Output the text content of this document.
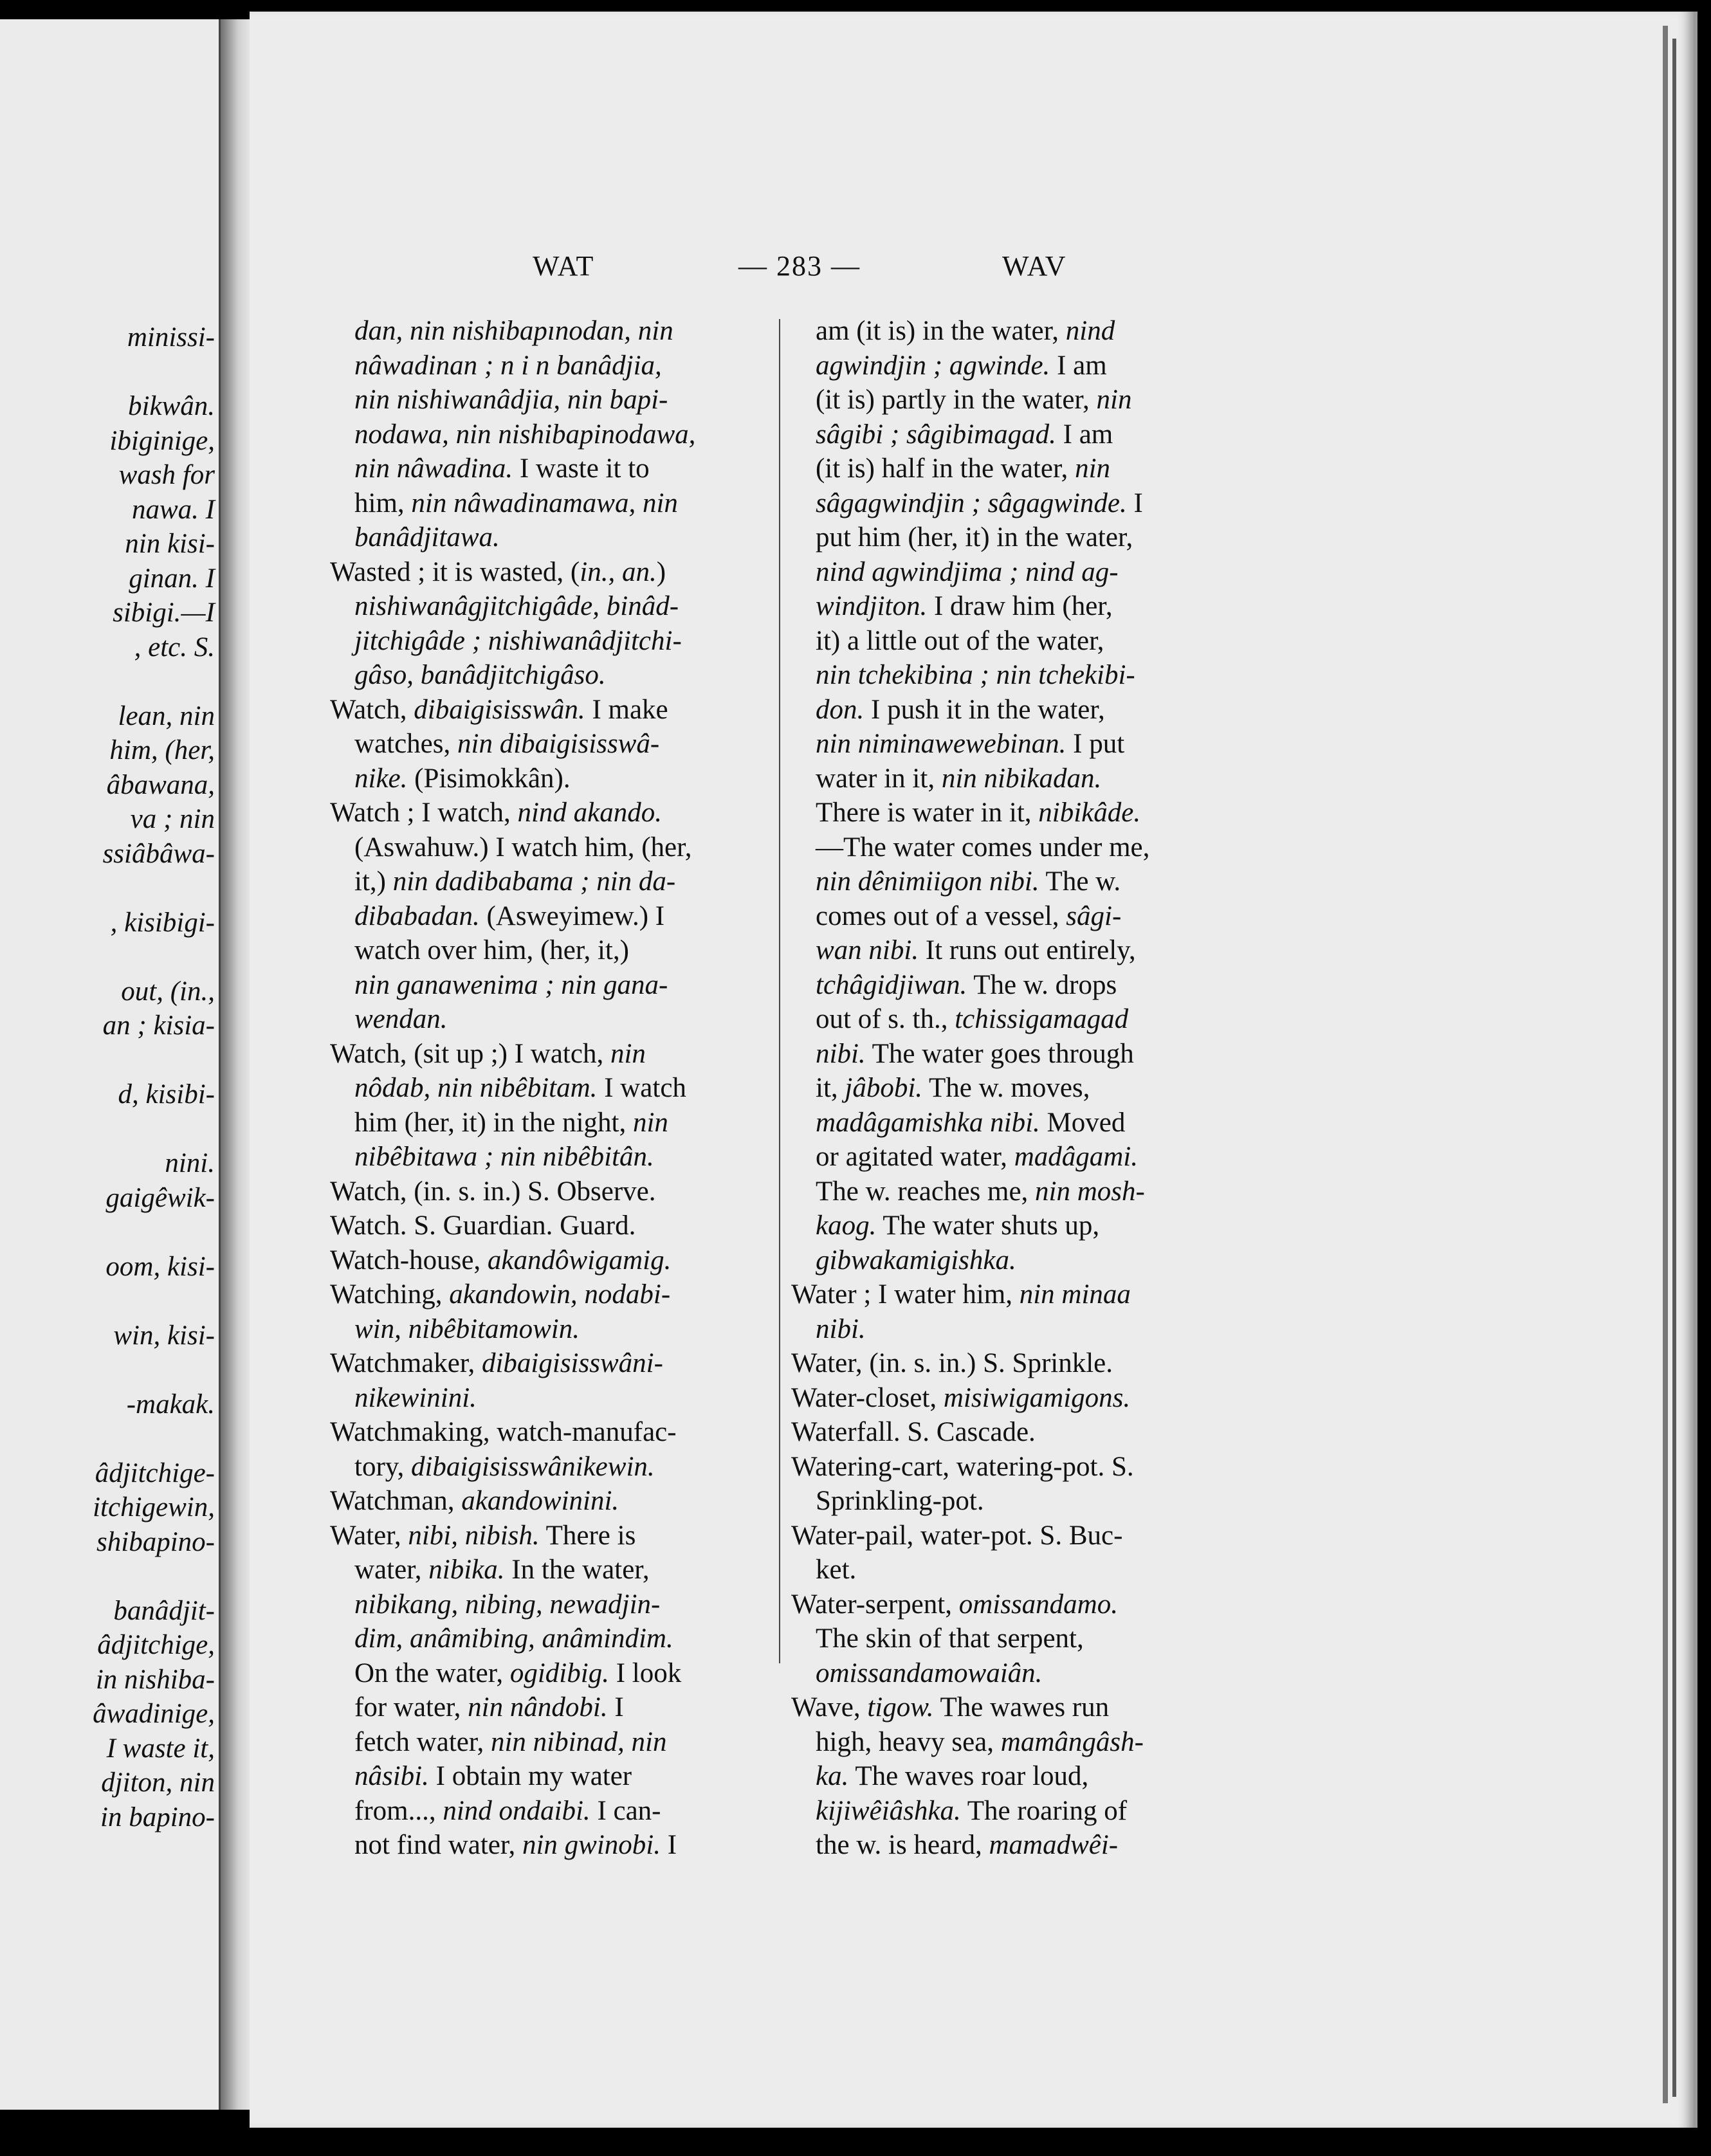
minissi-
bikwân.
ibiginige,
wash for
nawa. I
nin kisi-
ginan. I
sibigi.—I
, etc. S.
lean, nin
him, (her,
âbawana,
va ; nin
ssiâbâwa-
, kisibigi-
out, (in.,
an ; kisia-
d, kisibi-
nini.
gaigêwik-
oom, kisi-
win, kisi-
-makak.
âdjitchige-
itchigewin,
shibapino-
banâdjit-
âdjitchige,
in nishiba-
âwadinige,
I waste it,
djiton, nin
in bapino-
WAT	— 283 —	WAV
dan, nin nishibapınodan, nin
nâwadinan ; n i n banâdjia,
nin nishiwanâdjia, nin bapi-
nodawa, nin nishibapinodawa,
nin nâwadina. I waste it to
him, nin nâwadinamawa, nin
banâdjitawa.
Wasted ; it is wasted, (in., an.)
nishiwanâgjitchigâde, binâd-
jitchigâde ; nishiwanâdjitchi-
gâso, banâdjitchigâso.
Watch, dibaigisisswân. I make
watches, nin dibaigisisswâ-
nike. (Pisimokkân).
Watch ; I watch, nind akando.
(Aswahuw.) I watch him, (her,
it,) nin dadibabama ; nin da-
dibabadan. (Asweyimew.) I
watch over him, (her, it,)
nin ganawenima ; nin gana-
wendan.
Watch, (sit up ;) I watch, nin
nôdab, nin nibêbitam. I watch
him (her, it) in the night, nin
nibêbitawa ; nin nibêbitân.
Watch, (in. s. in.) S. Observe.
Watch. S. Guardian. Guard.
Watch-house, akandôwigamig.
Watching, akandowin, nodabi-
win, nibêbitamowin.
Watchmaker, dibaigisisswâni-
nikewinini.
Watchmaking, watch-manufac-
tory, dibaigisisswânikewin.
Watchman, akandowinini.
Water, nibi, nibish. There is
water, nibika. In the water,
nibikang, nibing, newadjin-
dim, anâmibing, anâmindim.
On the water, ogidibig. I look
for water, nin nândobi. I
fetch water, nin nibinad, nin
nâsibi. I obtain my water
from..., nind ondaibi. I can-
not find water, nin gwinobi. I
am (it is) in the water, nind
agwindjin ; agwinde. I am
(it is) partly in the water, nin
sâgibi ; sâgibimagad. I am
(it is) half in the water, nin
sâgagwindjin ; sâgagwinde. I
put him (her, it) in the water,
nind agwindjima ; nind ag-
windjiton. I draw him (her,
it) a little out of the water,
nin tchekibina ; nin tchekibi-
don. I push it in the water,
nin niminawewebinan. I put
water in it, nin nibikadan.
There is water in it, nibikâde.
—The water comes under me,
nin dênimiigon nibi. The w.
comes out of a vessel, sâgi-
wan nibi. It runs out entirely,
tchâgidjiwan. The w. drops
out of s. th., tchissigamagad
nibi. The water goes through
it, jâbobi. The w. moves,
madâgamishka nibi. Moved
or agitated water, madâgami.
The w. reaches me, nin mosh-
kaog. The water shuts up,
gibwakamigishka.
Water ; I water him, nin minaa
nibi.
Water, (in. s. in.) S. Sprinkle.
Water-closet, misiwigamigons.
Waterfall. S. Cascade.
Watering-cart, watering-pot. S.
Sprinkling-pot.
Water-pail, water-pot. S. Buc-
ket.
Water-serpent, omissandamo.
The skin of that serpent,
omissandamowaiân.
Wave, tigow. The wawes run
high, heavy sea, mamângâsh-
ka. The waves roar loud,
kijiwêiâshka. The roaring of
the w. is heard, mamadwêi-
